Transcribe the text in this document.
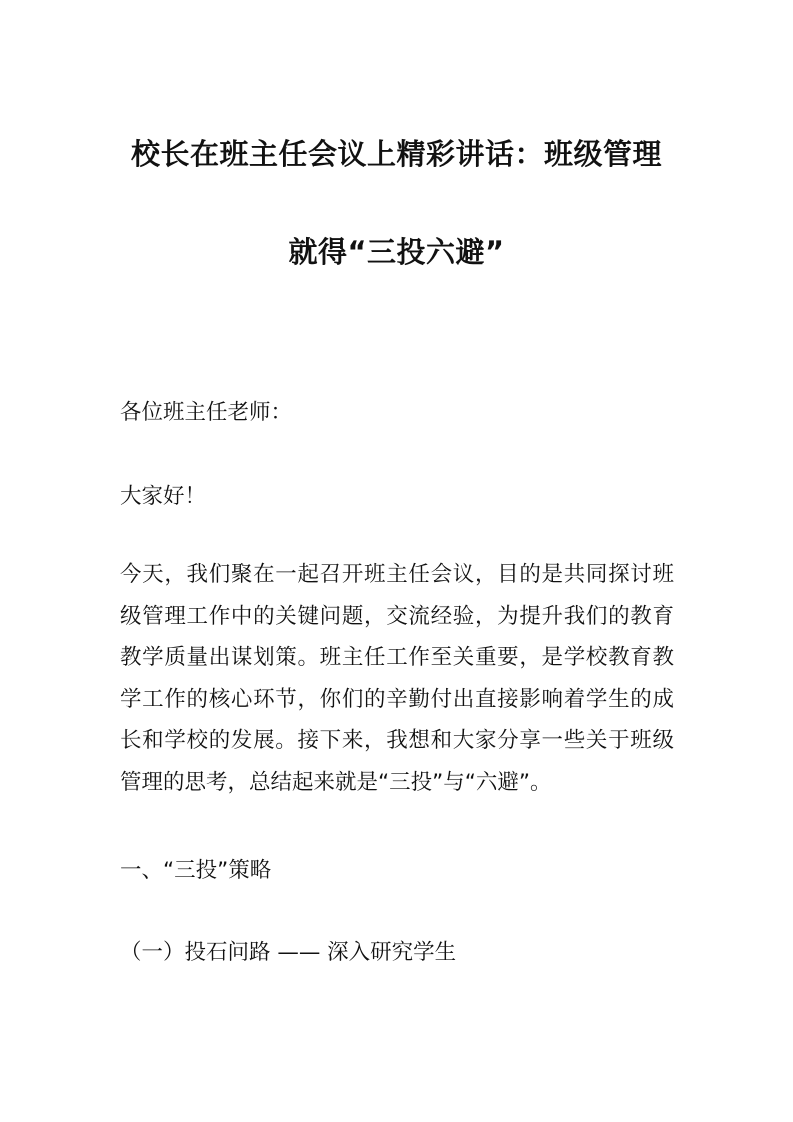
校长在班主任会议上精彩讲话：班级管理
就得“三投六避”
各位班主任老师：
大家好！
今天，我们聚在一起召开班主任会议，目的是共同探讨班
级管理工作中的关键问题，交流经验，为提升我们的教育
教学质量出谋划策。班主任工作至关重要，是学校教育教
学工作的核心环节，你们的辛勤付出直接影响着学生的成
长和学校的发展。接下来，我想和大家分享一些关于班级
管理的思考，总结起来就是“三投”与“六避”。
一、“三投”策略
（一）投石问路 —— 深入研究学生
